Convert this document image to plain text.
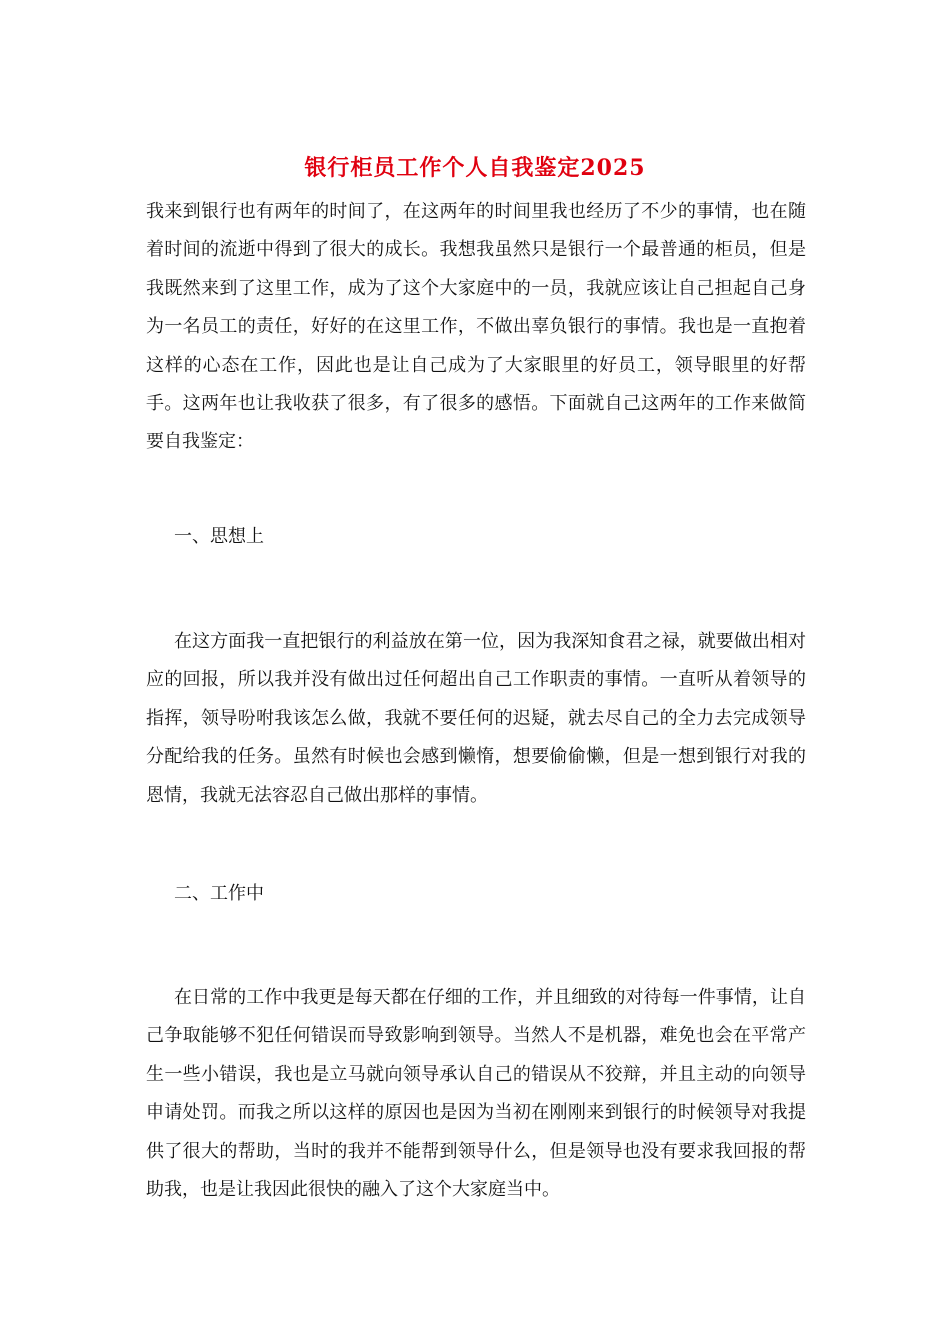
银行柜员工作个人自我鉴定2025

我来到银行也有两年的时间了，在这两年的时间里我也经历了不少的事情，也在随着时间的流逝中得到了很大的成长。我想我虽然只是银行一个最普通的柜员，但是我既然来到了这里工作，成为了这个大家庭中的一员，我就应该让自己担起自己身为一名员工的责任，好好的在这里工作，不做出辜负银行的事情。我也是一直抱着这样的心态在工作，因此也是让自己成为了大家眼里的好员工，领导眼里的好帮手。这两年也让我收获了很多，有了很多的感悟。下面就自己这两年的工作来做简要自我鉴定：

一、思想上

在这方面我一直把银行的利益放在第一位，因为我深知食君之禄，就要做出相对应的回报，所以我并没有做出过任何超出自己工作职责的事情。一直听从着领导的指挥，领导吩咐我该怎么做，我就不要任何的迟疑，就去尽自己的全力去完成领导分配给我的任务。虽然有时候也会感到懒惰，想要偷偷懒，但是一想到银行对我的恩情，我就无法容忍自己做出那样的事情。

二、工作中

在日常的工作中我更是每天都在仔细的工作，并且细致的对待每一件事情，让自己争取能够不犯任何错误而导致影响到领导。当然人不是机器，难免也会在平常产生一些小错误，我也是立马就向领导承认自己的错误从不狡辩，并且主动的向领导申请处罚。而我之所以这样的原因也是因为当初在刚刚来到银行的时候领导对我提供了很大的帮助，当时的我并不能帮到领导什么，但是领导也没有要求我回报的帮助我，也是让我因此很快的融入了这个大家庭当中。
